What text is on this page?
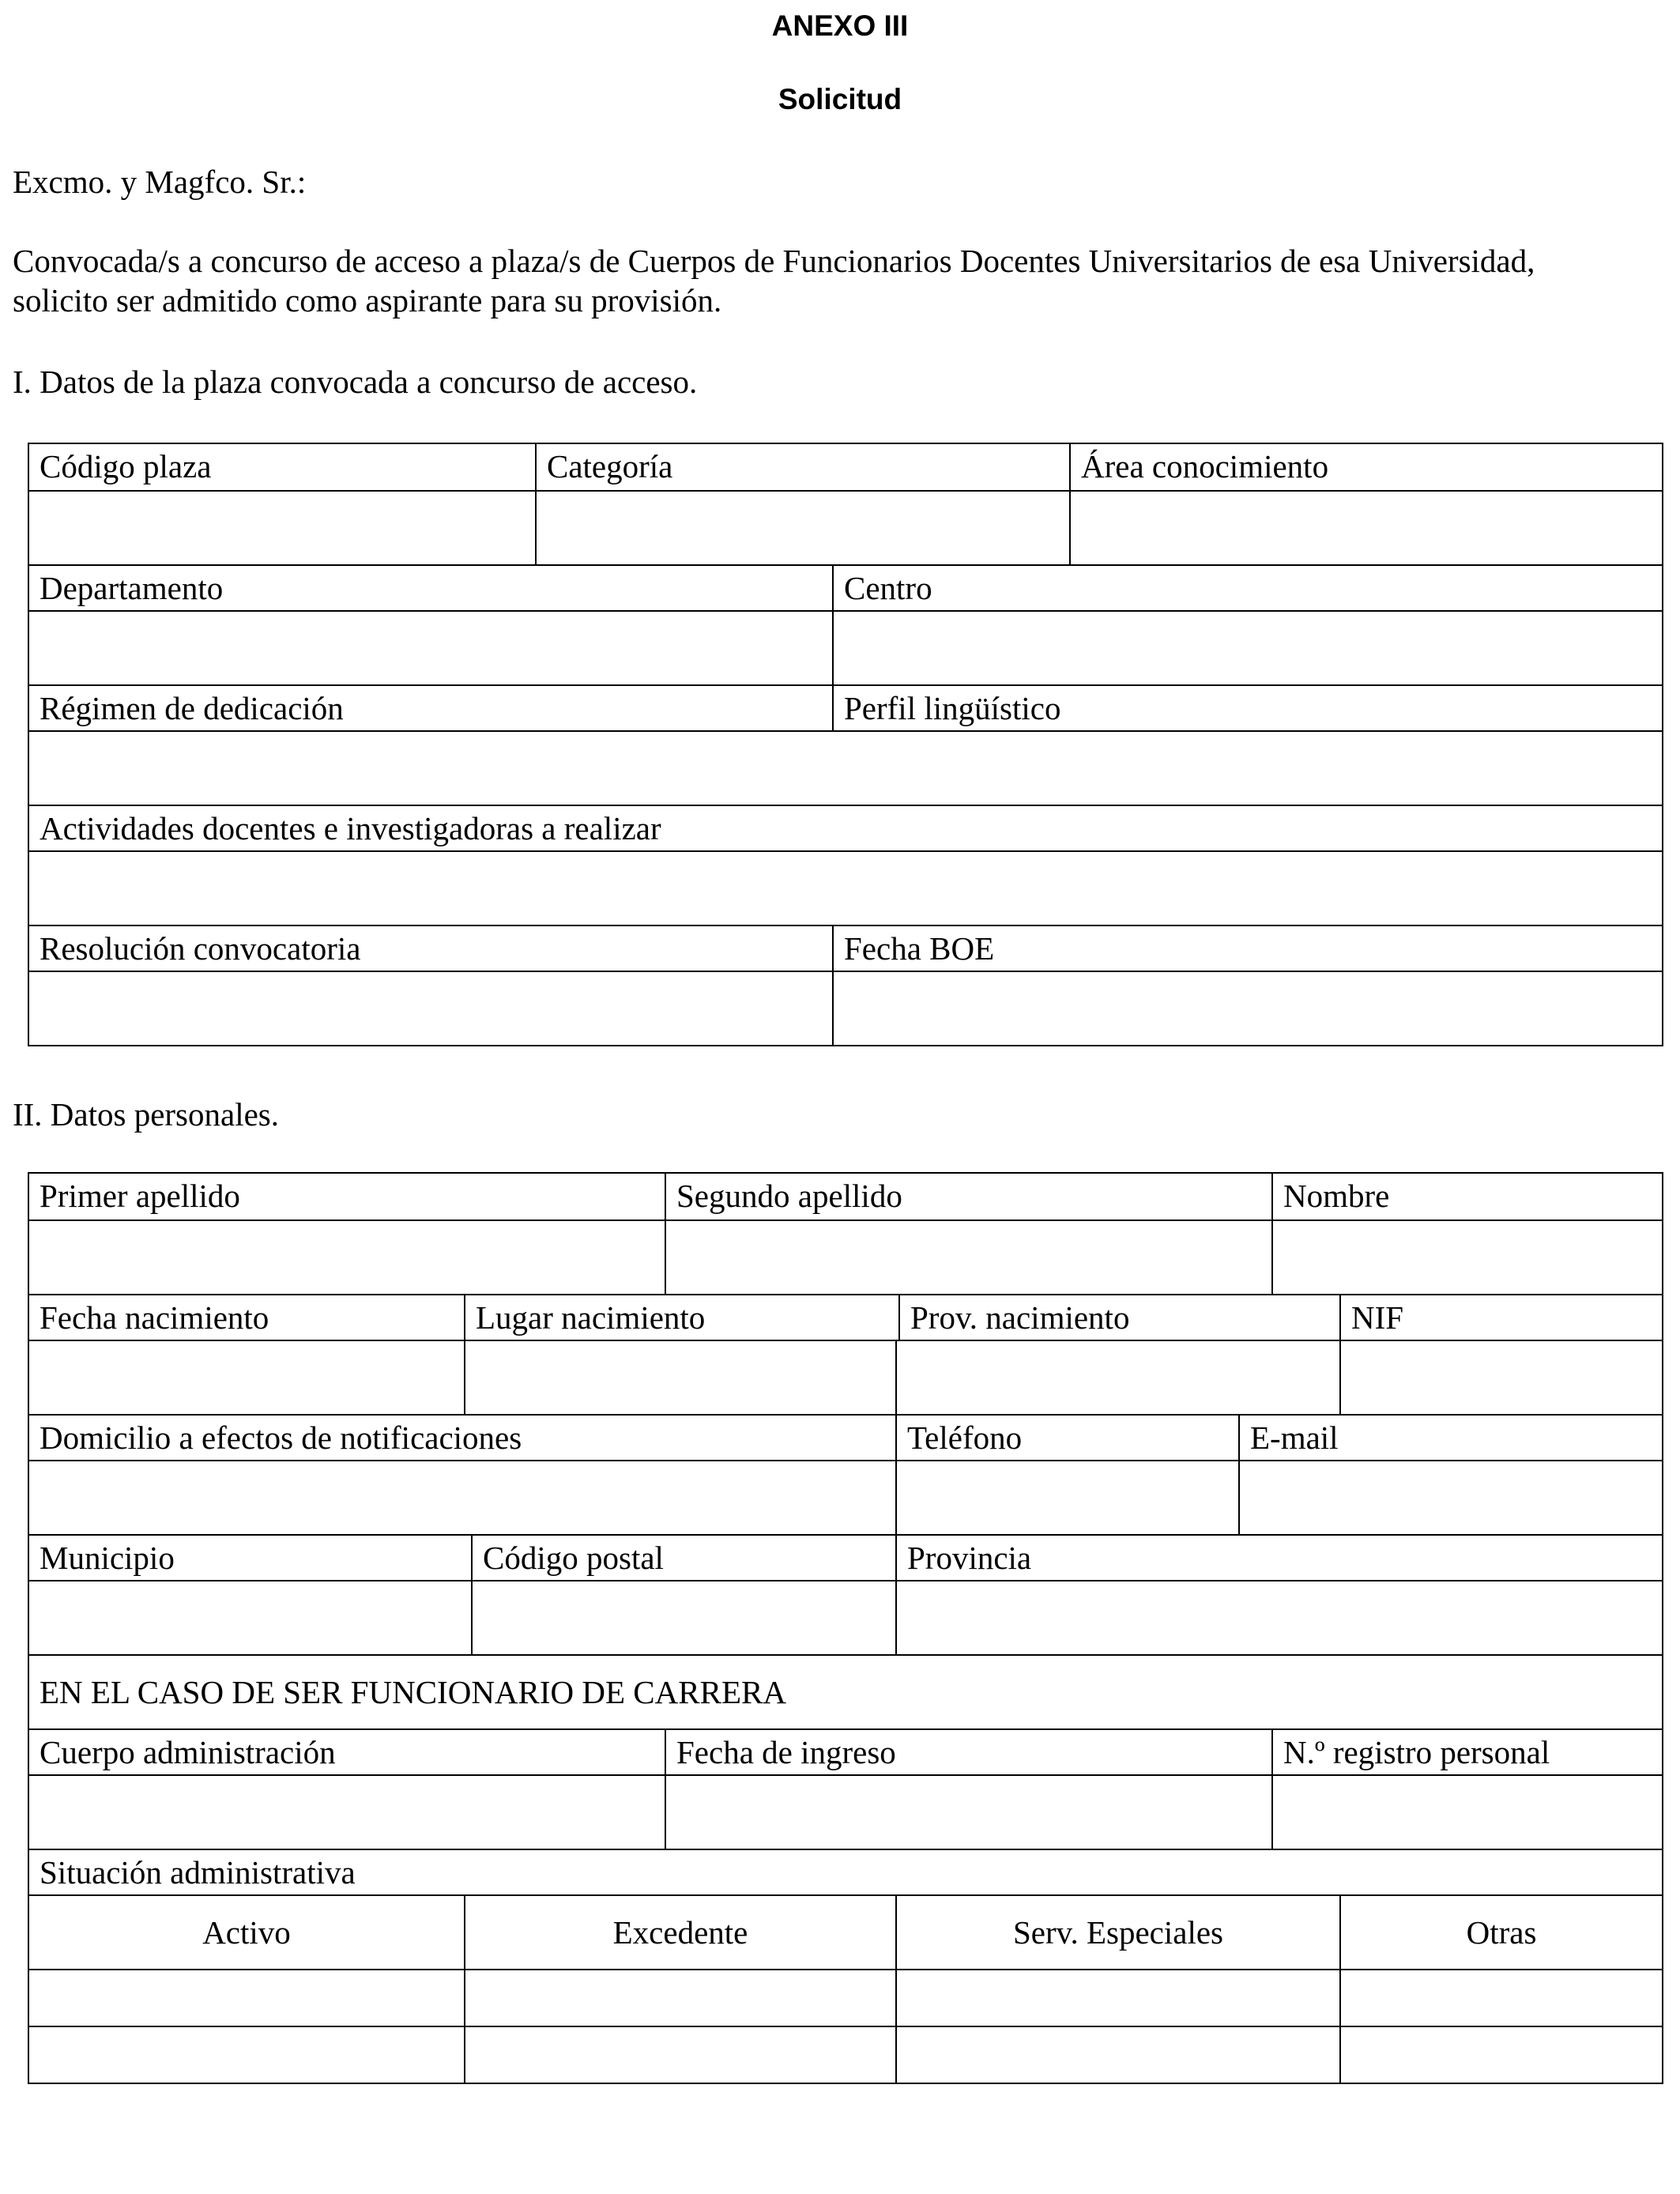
ANEXO III
Solicitud
Excmo. y Magfco. Sr.:
Convocada/s a concurso de acceso a plaza/s de Cuerpos de Funcionarios Docentes Universitarios de esa Universidad,
solicito ser admitido como aspirante para su provisión.
I. Datos de la plaza convocada a concurso de acceso.
Código plaza	Categoría	Área conocimiento
Departamento	Centro
Régimen de dedicación	Perfil lingüístico
Actividades docentes e investigadoras a realizar
Resolución convocatoria	Fecha BOE
II. Datos personales.
Primer apellido	Segundo apellido	Nombre
Fecha nacimiento	Lugar nacimiento	Prov. nacimiento	NIF
Domicilio a efectos de notificaciones	Teléfono	E-mail
Municipio	Código postal	Provincia
EN EL CASO DE SER FUNCIONARIO DE CARRERA
Cuerpo administración	Fecha de ingreso	N.º registro personal
Situación administrativa
Activo	Excedente	Serv. Especiales	Otras
